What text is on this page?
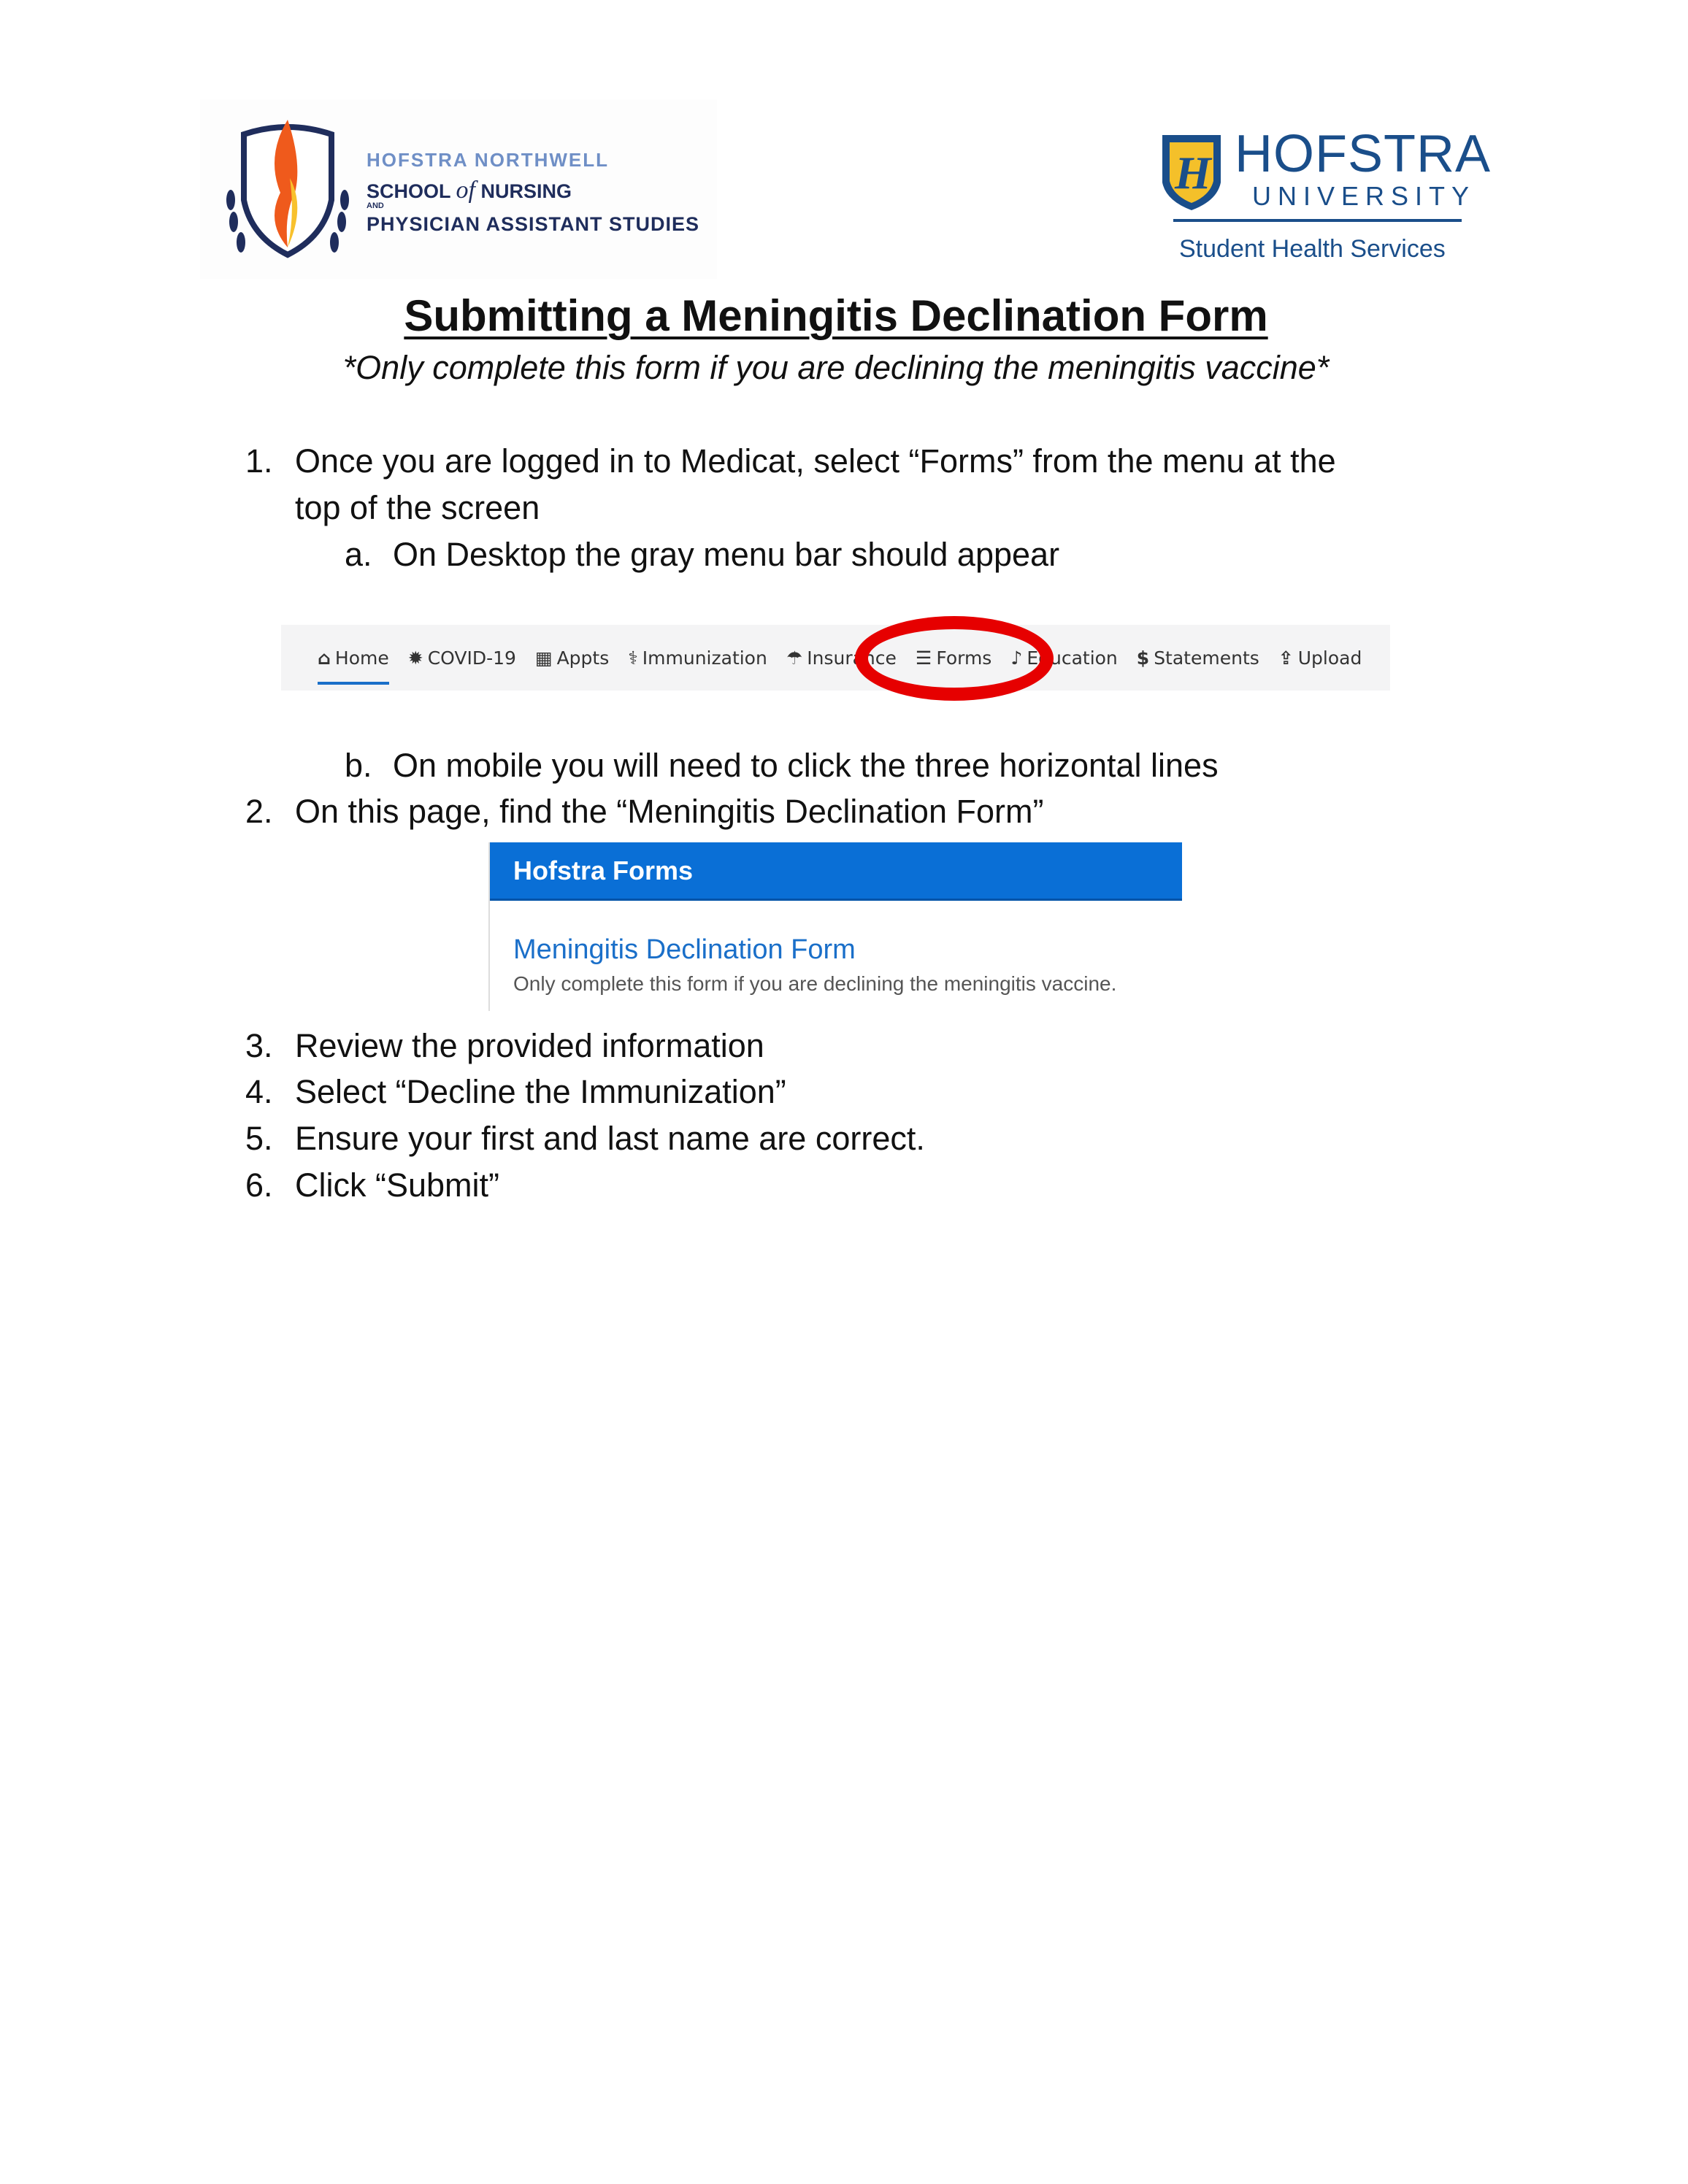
HOFSTRA NORTHWELL
SCHOOL of NURSING
AND
PHYSICIAN ASSISTANT STUDIES
H HOFSTRA
UNIVERSITY
Student Health Services
Submitting a Meningitis Declination Form
*Only complete this form if you are declining the meningitis vaccine*
1. Once you are logged in to Medicat, select “Forms” from the menu at the
top of the screen
a. On Desktop the gray menu bar should appear
⌂ Home ✹ COVID-19 ▦ Appts ⚕ Immunization ☂ Insurance ☰ Forms ♪ Education $ Statements ⇪ Upload
b. On mobile you will need to click the three horizontal lines
2. On this page, find the “Meningitis Declination Form”
Hofstra Forms
Meningitis Declination Form
Only complete this form if you are declining the meningitis vaccine.
3. Review the provided information
4. Select “Decline the Immunization”
5. Ensure your first and last name are correct.
6. Click “Submit”
